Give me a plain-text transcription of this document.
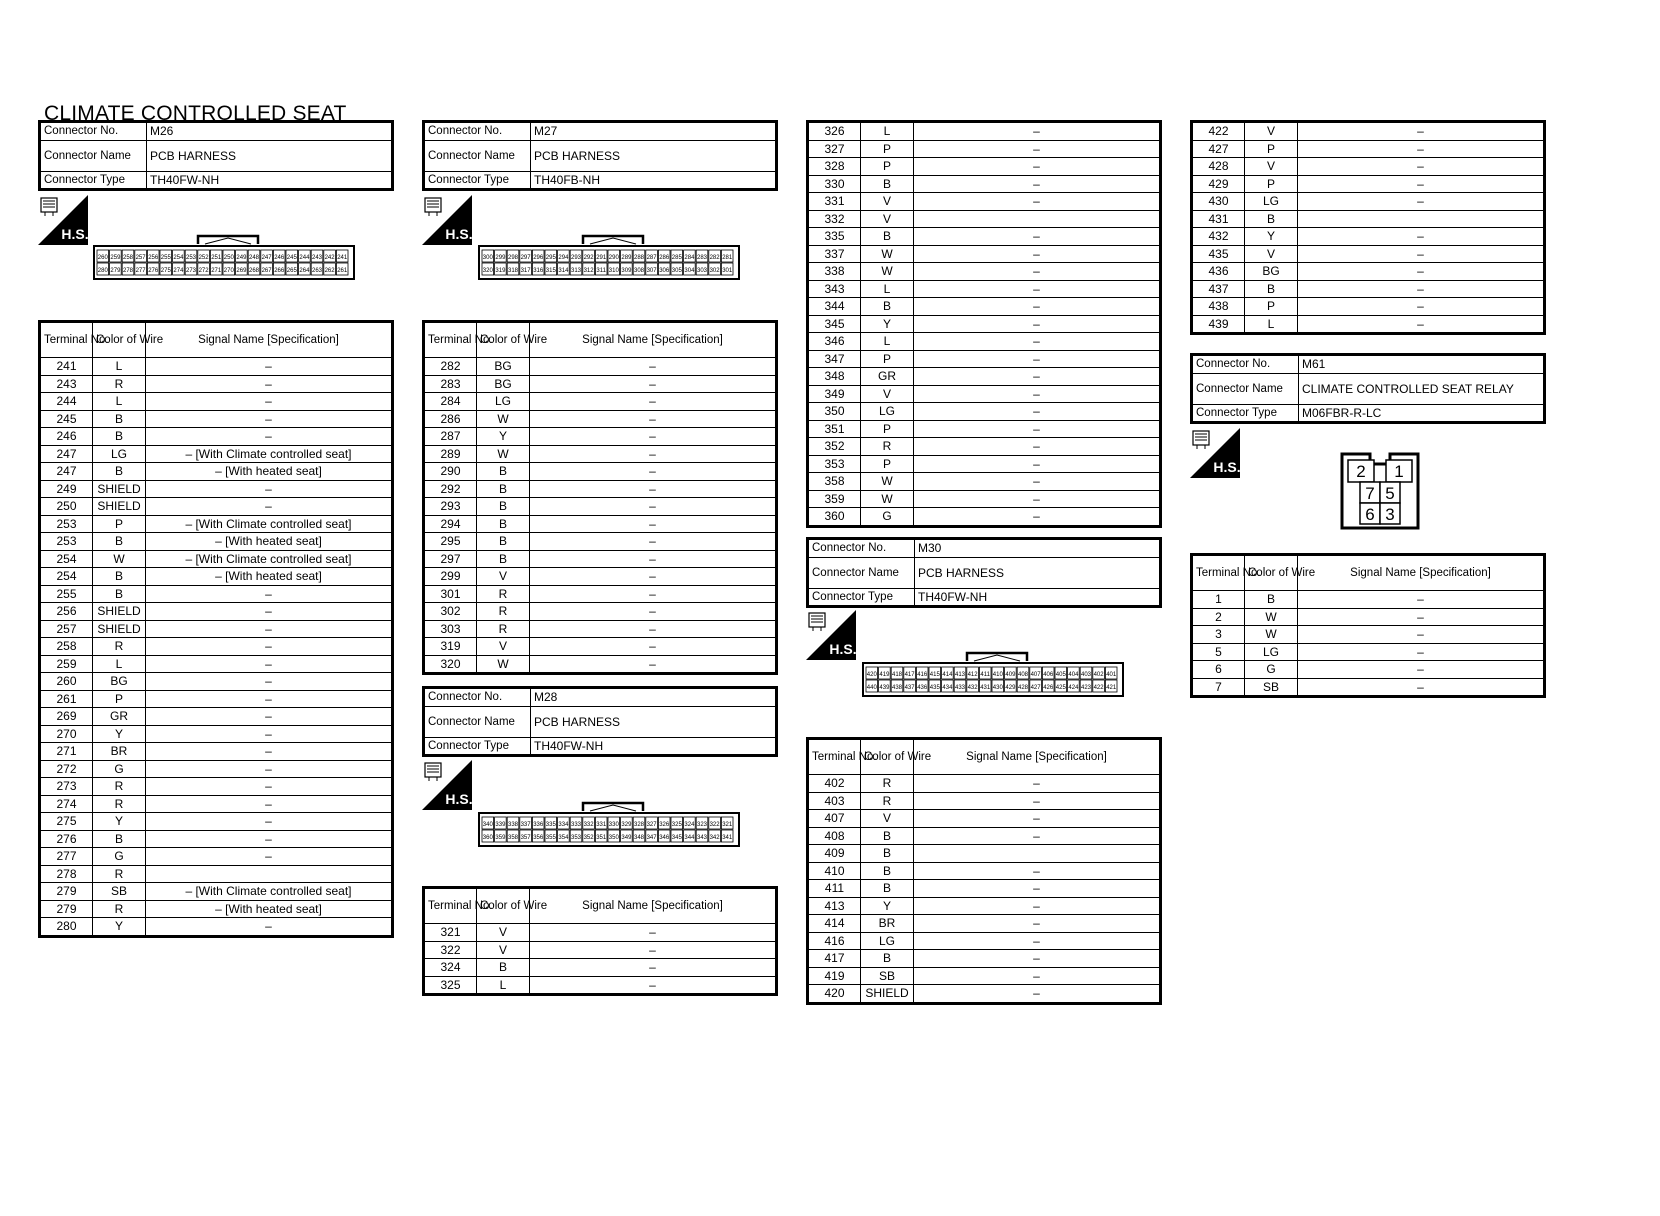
CLIMATE CONTROLLED SEAT
Connector No.	M26
Connector Name	PCB HARNESS
Connector Type	TH40FW-NH
H.S.
260
280
259
279
258
278
257
277
256
276
255
275
254
274
253
273
252
272
251
271
250
270
249
269
248
268
247
267
246
266
245
265
244
264
243
263
242
262
241
261
Terminal No.	Color of Wire	Signal Name [Specification]
241	L	–
243	R	–
244	L	–
245	B	–
246	B	–
247	LG	– [With Climate controlled seat]
247	B	– [With heated seat]
249	SHIELD	–
250	SHIELD	–
253	P	– [With Climate controlled seat]
253	B	– [With heated seat]
254	W	– [With Climate controlled seat]
254	B	– [With heated seat]
255	B	–
256	SHIELD	–
257	SHIELD	–
258	R	–
259	L	–
260	BG	–
261	P	–
269	GR	–
270	Y	–
271	BR	–
272	G	–
273	R	–
274	R	–
275	Y	–
276	B	–
277	G	–
278	R	
279	SB	– [With Climate controlled seat]
279	R	– [With heated seat]
280	Y	–
Connector No.	M27
Connector Name	PCB HARNESS
Connector Type	TH40FB-NH
H.S.
300
320
299
319
298
318
297
317
296
316
295
315
294
314
293
313
292
312
291
311
290
310
289
309
288
308
287
307
286
306
285
305
284
304
283
303
282
302
281
301
Terminal No.	Color of Wire	Signal Name [Specification]
282	BG	–
283	BG	–
284	LG	–
286	W	–
287	Y	–
289	W	–
290	B	–
292	B	–
293	B	–
294	B	–
295	B	–
297	B	–
299	V	–
301	R	–
302	R	–
303	R	–
319	V	–
320	W	–
Connector No.	M28
Connector Name	PCB HARNESS
Connector Type	TH40FW-NH
H.S.
340
360
339
359
338
358
337
357
336
356
335
355
334
354
333
353
332
352
331
351
330
350
329
349
328
348
327
347
326
346
325
345
324
344
323
343
322
342
321
341
Terminal No.	Color of Wire	Signal Name [Specification]
321	V	–
322	V	–
324	B	–
325	L	–
326	L	–
327	P	–
328	P	–
330	B	–
331	V	–
332	V	
335	B	–
337	W	–
338	W	–
343	L	–
344	B	–
345	Y	–
346	L	–
347	P	–
348	GR	–
349	V	–
350	LG	–
351	P	–
352	R	–
353	P	–
358	W	–
359	W	–
360	G	–
Connector No.	M30
Connector Name	PCB HARNESS
Connector Type	TH40FW-NH
H.S.
420
440
419
439
418
438
417
437
416
436
415
435
414
434
413
433
412
432
411
431
410
430
409
429
408
428
407
427
406
426
405
425
404
424
403
423
402
422
401
421
Terminal No.	Color of Wire	Signal Name [Specification]
402	R	–
403	R	–
407	V	–
408	B	–
409	B	
410	B	–
411	B	–
413	Y	–
414	BR	–
416	LG	–
417	B	–
419	SB	–
420	SHIELD	–
422	V	–
427	P	–
428	V	–
429	P	–
430	LG	–
431	B	
432	Y	–
435	V	–
436	BG	–
437	B	–
438	P	–
439	L	–
Connector No.	M61
Connector Name	CLIMATE CONTROLLED SEAT RELAY
Connector Type	M06FBR-R-LC
H.S.	2 1
7 5
6 3
Terminal No.	Color of Wire	Signal Name [Specification]
1	B	–
2	W	–
3	W	–
5	LG	–
6	G	–
7	SB	–
